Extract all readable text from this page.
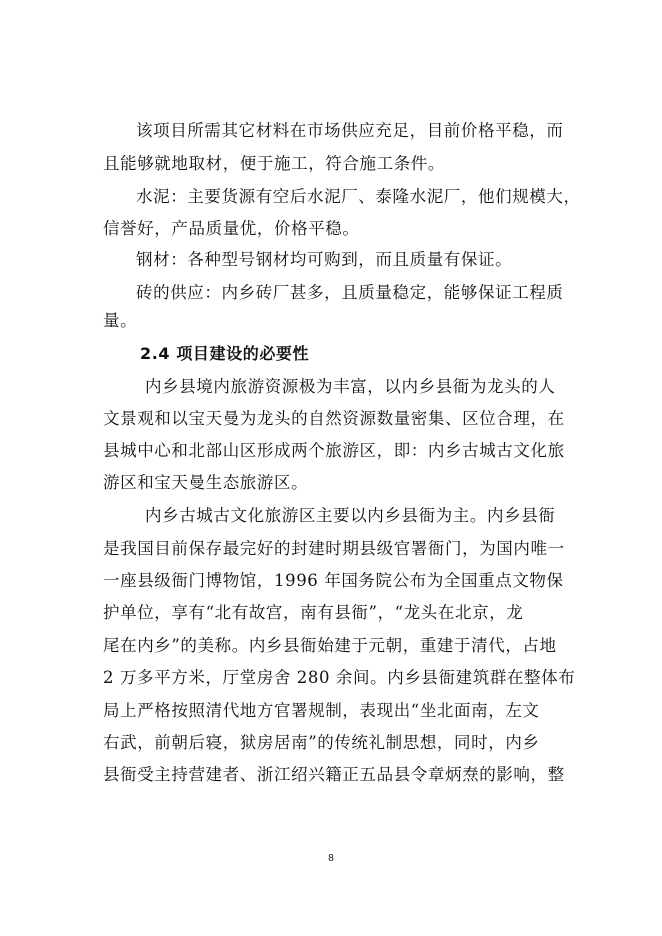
该项目所需其它材料在市场供应充足，目前价格平稳，而
且能够就地取材，便于施工，符合施工条件。
水泥：主要货源有空后水泥厂、泰隆水泥厂，他们规模大，
信誉好，产品质量优，价格平稳。
钢材：各种型号钢材均可购到，而且质量有保证。
砖的供应：内乡砖厂甚多，且质量稳定，能够保证工程质
量。
2.4 项目建设的必要性
内乡县境内旅游资源极为丰富，以内乡县衙为龙头的人
文景观和以宝天曼为龙头的自然资源数量密集、区位合理，在
县城中心和北部山区形成两个旅游区，即：内乡古城古文化旅
游区和宝天曼生态旅游区。
内乡古城古文化旅游区主要以内乡县衙为主。内乡县衙
是我国目前保存最完好的封建时期县级官署衙门，为国内唯一
一座县级衙门博物馆，1996 年国务院公布为全国重点文物保
护单位，享有“北有故宫，南有县衙”，“龙头在北京，龙
尾在内乡”的美称。内乡县衙始建于元朝，重建于清代，占地
2 万多平方米，厅堂房舍 280 余间。内乡县衙建筑群在整体布
局上严格按照清代地方官署规制，表现出“坐北面南，左文
右武，前朝后寝，狱房居南”的传统礼制思想，同时，内乡
县衙受主持营建者、浙江绍兴籍正五品县令章炳焘的影响，整
8
